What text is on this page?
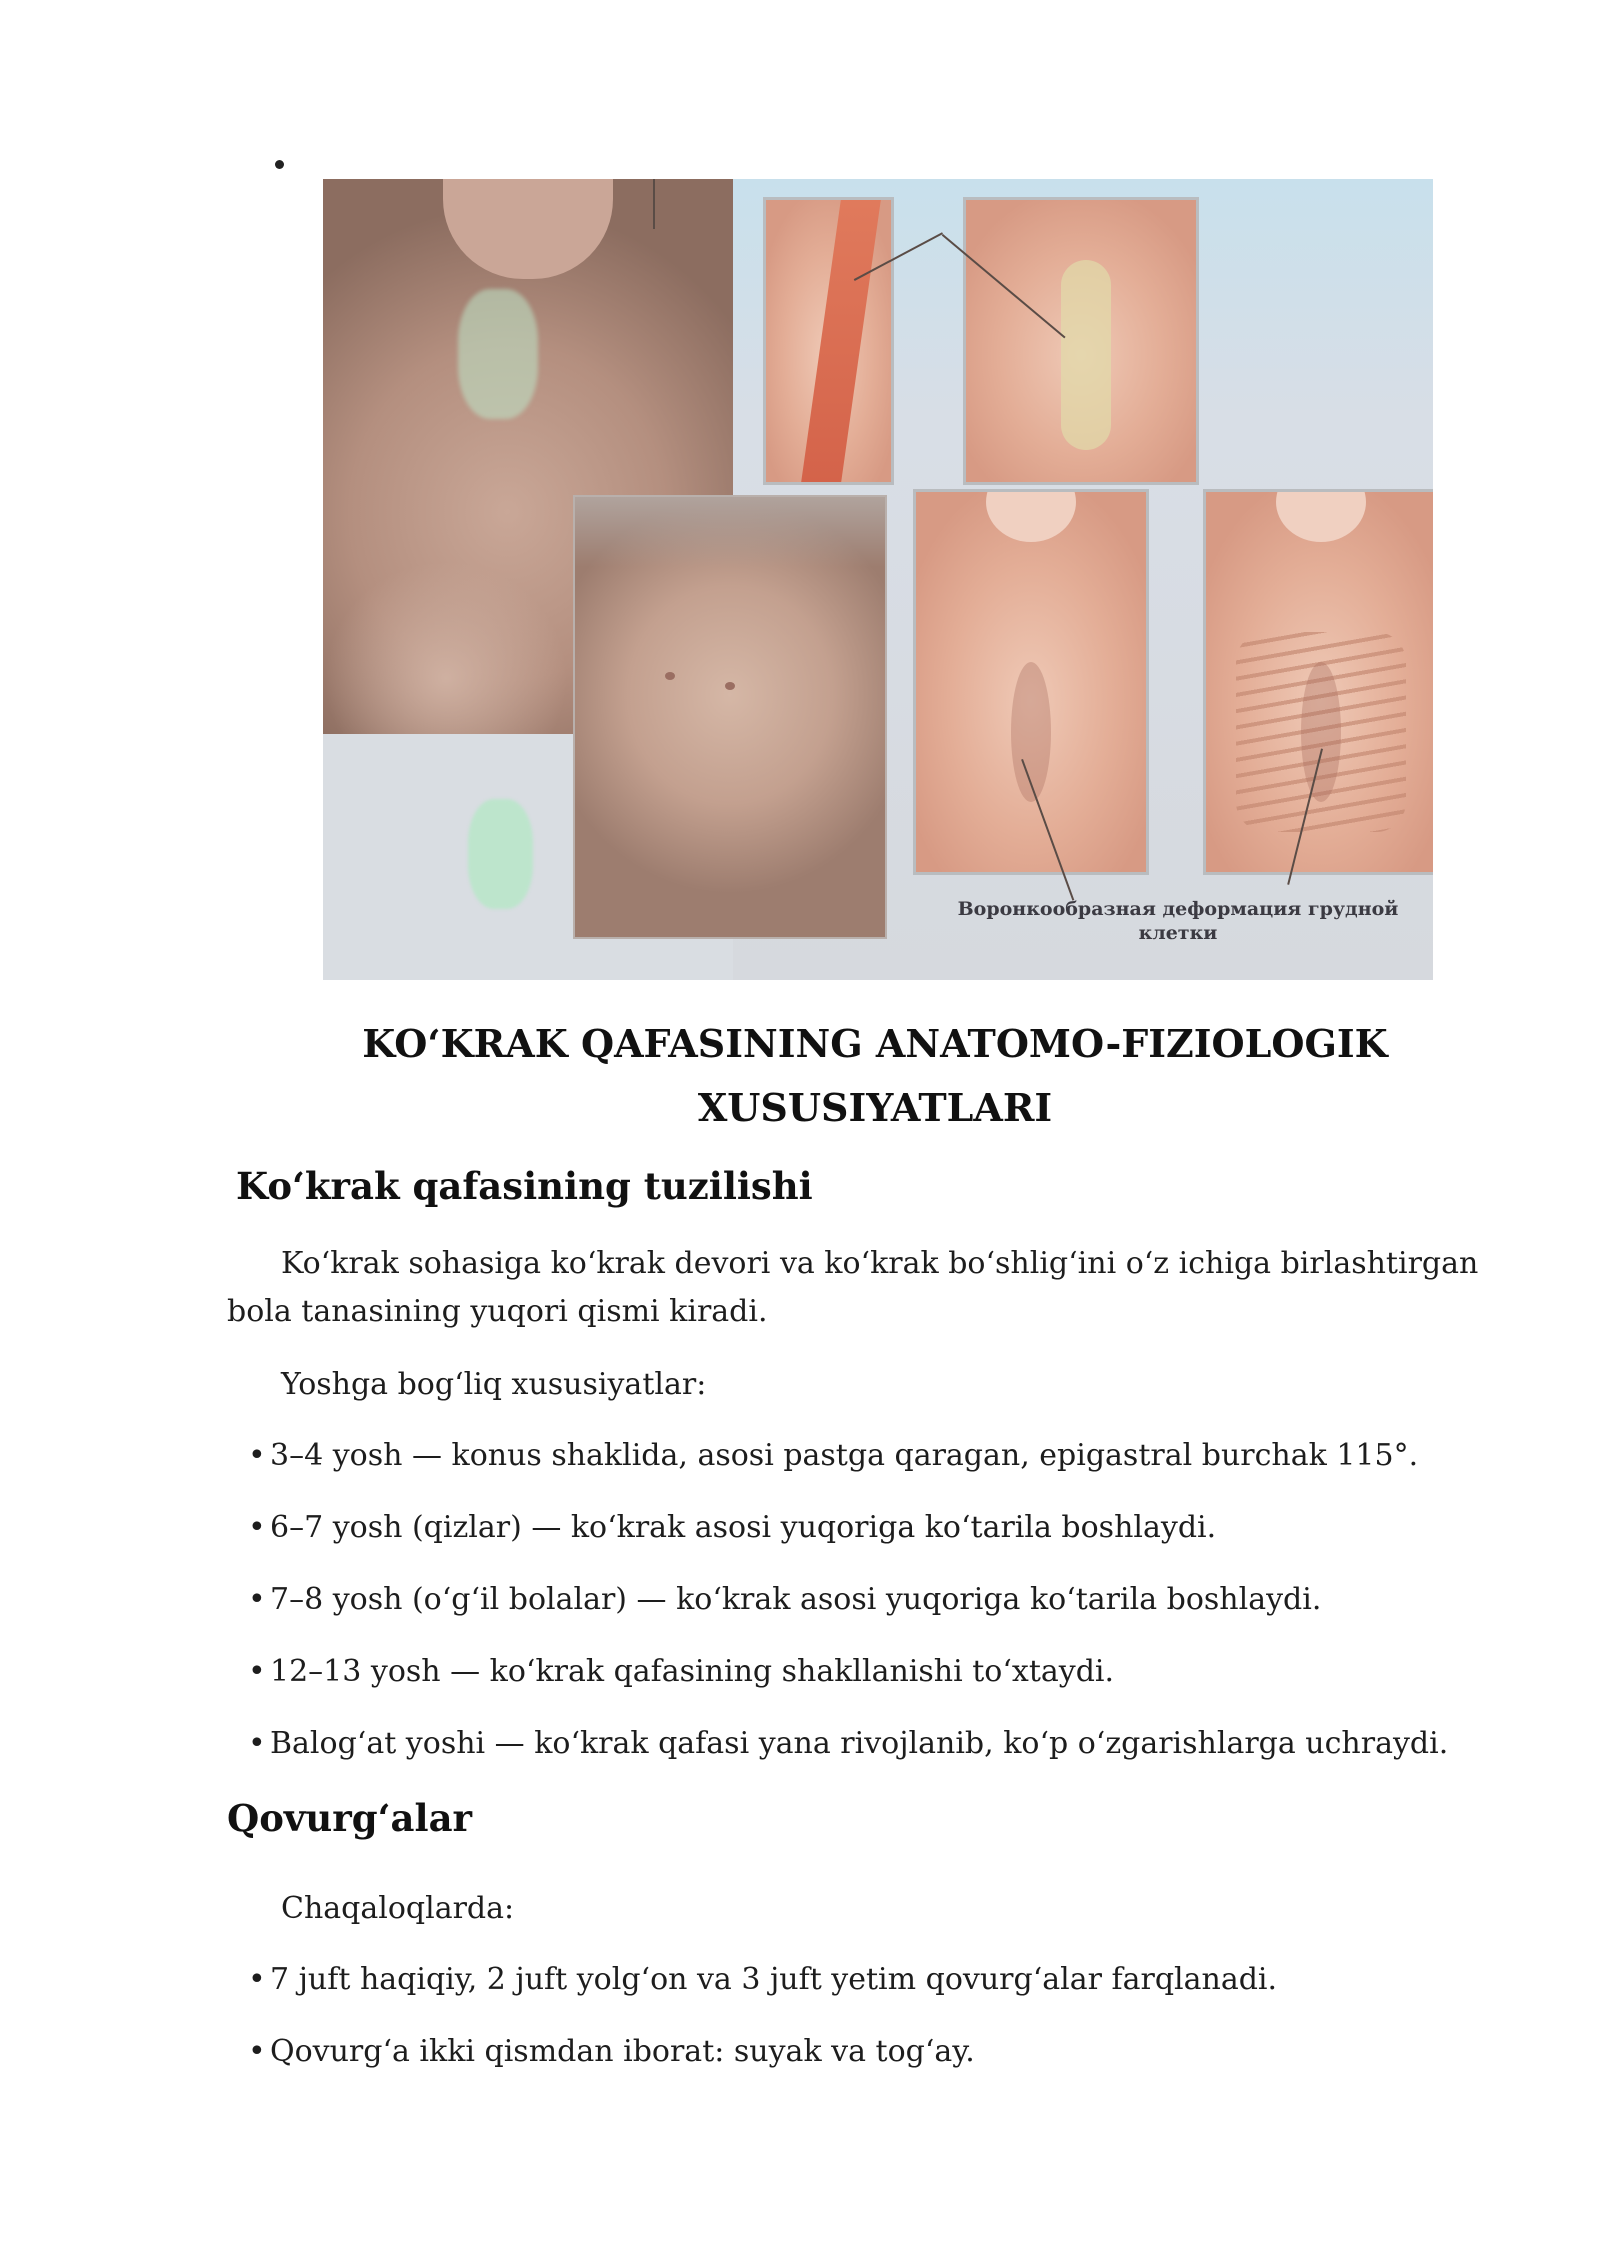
Воронкообразная деформация грудной
клетки
KO‘KRAK QAFASINING ANATOMO-FIZIOLOGIK
XUSUSIYATLARI
Ko‘krak qafasining tuzilishi
Ko‘krak sohasiga ko‘krak devori va ko‘krak bo‘shlig‘ini o‘z ichiga birlashtirgan bola tanasining yuqori qismi kiradi.
Yoshga bog‘liq xususiyatlar:
• 3–4 yosh — konus shaklida, asosi pastga qaragan, epigastral burchak 115°.
• 6–7 yosh (qizlar) — ko‘krak asosi yuqoriga ko‘tarila boshlaydi.
• 7–8 yosh (o‘g‘il bolalar) — ko‘krak asosi yuqoriga ko‘tarila boshlaydi.
• 12–13 yosh — ko‘krak qafasining shakllanishi to‘xtaydi.
• Balog‘at yoshi — ko‘krak qafasi yana rivojlanib, ko‘p o‘zgarishlarga uchraydi.
Qovurg‘alar
Chaqaloqlarda:
• 7 juft haqiqiy, 2 juft yolg‘on va 3 juft yetim qovurg‘alar farqlanadi.
• Qovurg‘a ikki qismdan iborat: suyak va tog‘ay.
